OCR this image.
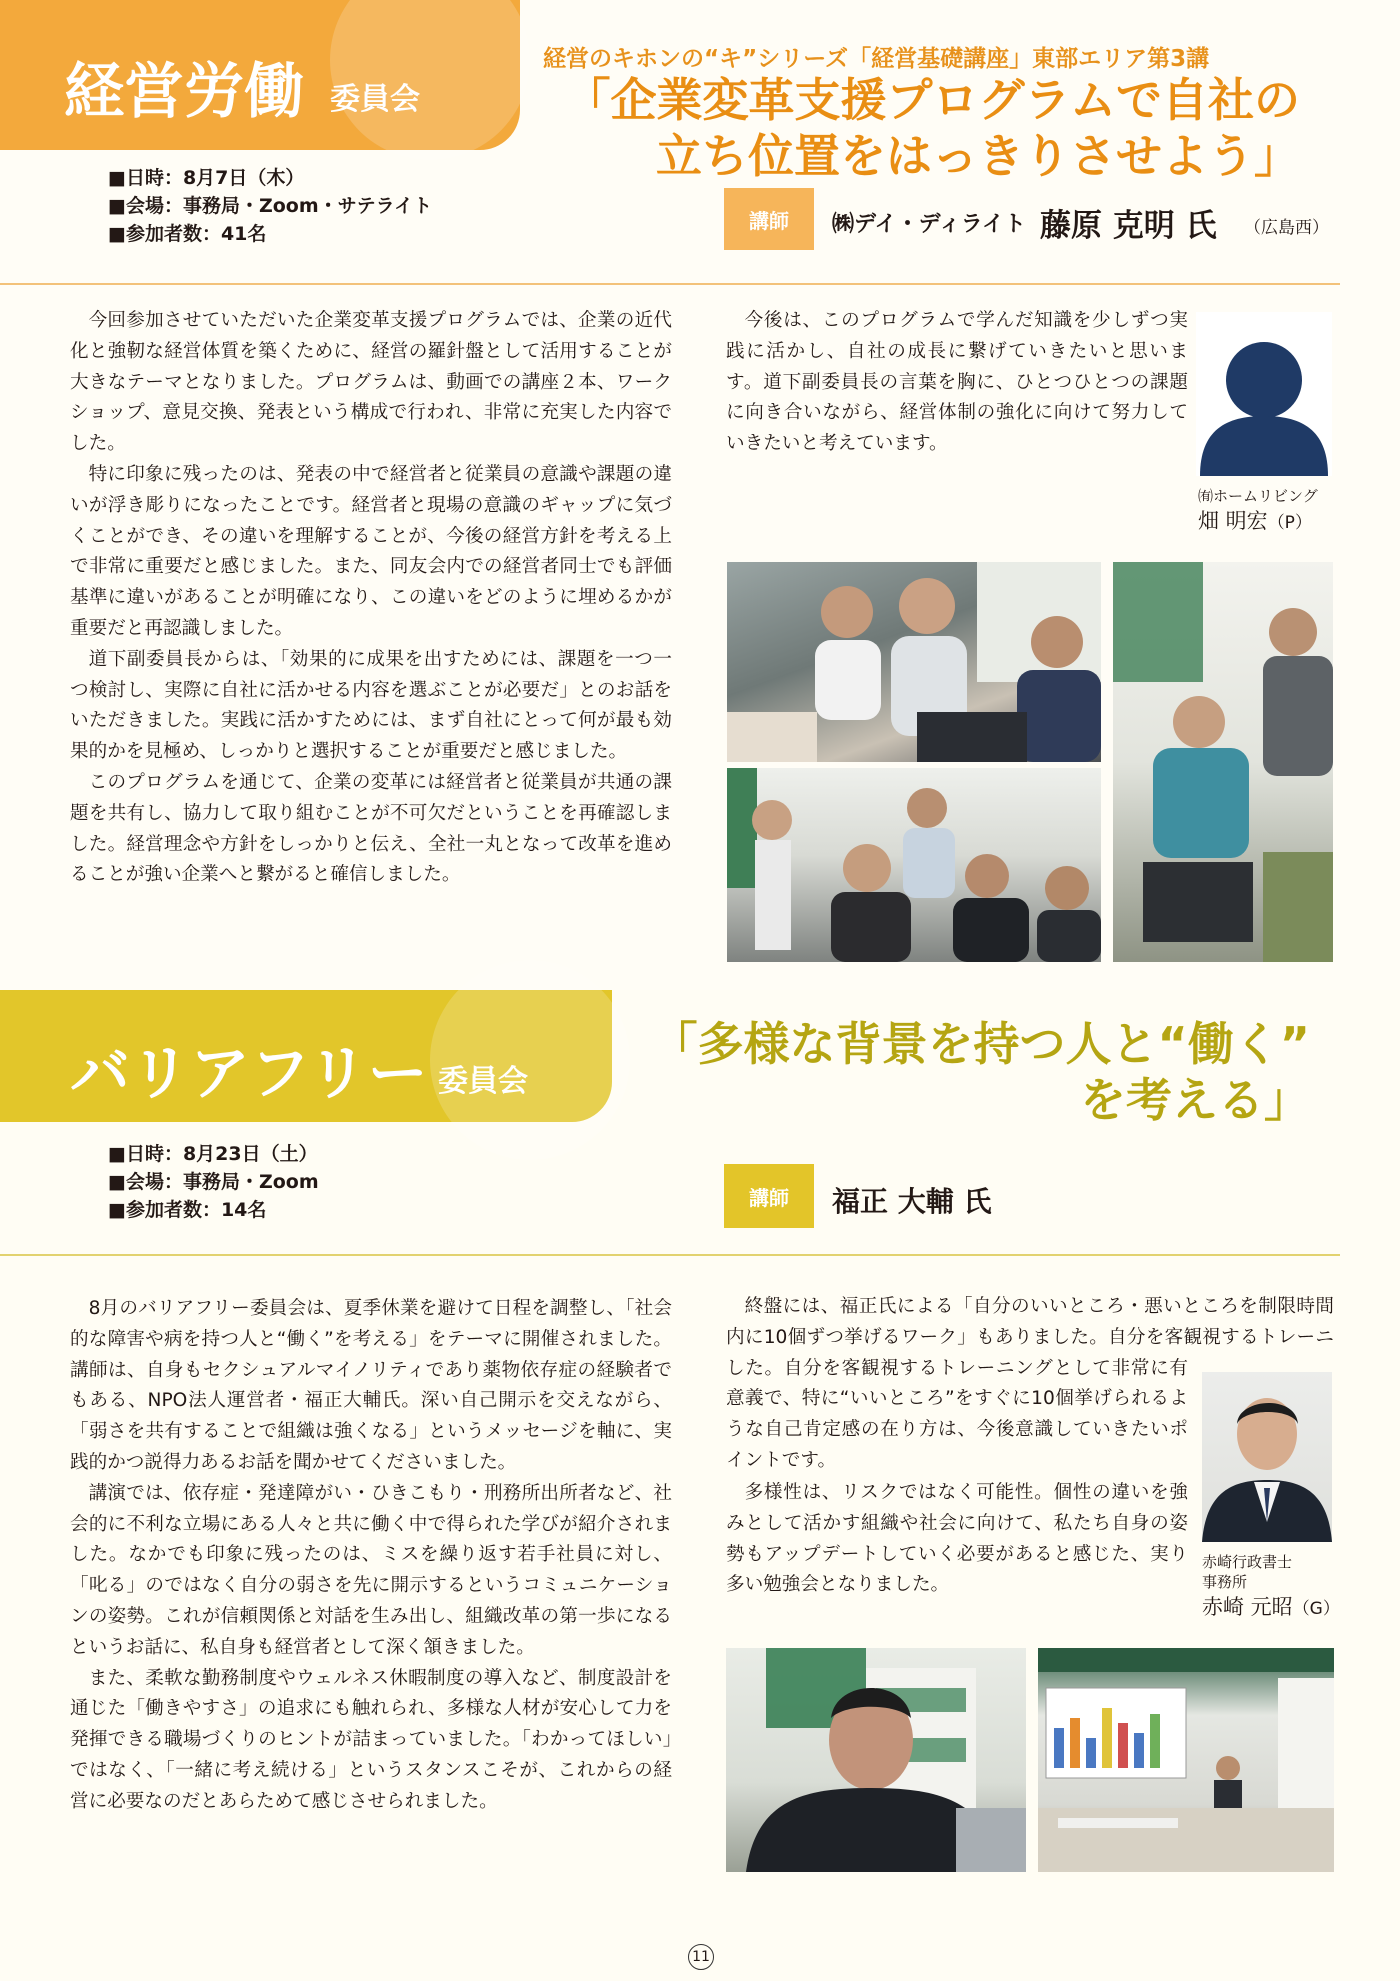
経営労働 委員会
経営のキホンの“キ”シリーズ「経営基礎講座」東部エリア第3講
「企業変革支援プログラムで自社の
立ち位置をはっきりさせよう」
■日時：8月7日（木）
■会場：事務局・Zoom・サテライト
■参加者数：41名
講師	㈱デイ・ディライト 藤原 克明 氏 （広島西）

今回参加させていただいた企業変革支援プログラムでは、企業の近代化と強靭な経営体質を築くために、経営の羅針盤として活用することが大きなテーマとなりました。プログラムは、動画での講座２本、ワークショップ、意見交換、発表という構成で行われ、非常に充実した内容でした。

特に印象に残ったのは、発表の中で経営者と従業員の意識や課題の違いが浮き彫りになったことです。経営者と現場の意識のギャップに気づくことができ、その違いを理解することが、今後の経営方針を考える上で非常に重要だと感じました。また、同友会内での経営者同士でも評価基準に違いがあることが明確になり、この違いをどのように埋めるかが重要だと再認識しました。

道下副委員長からは、「効果的に成果を出すためには、課題を一つ一つ検討し、実際に自社に活かせる内容を選ぶことが必要だ」とのお話をいただきました。実践に活かすためには、まず自社にとって何が最も効果的かを見極め、しっかりと選択することが重要だと感じました。

このプログラムを通じて、企業の変革には経営者と従業員が共通の課題を共有し、協力して取り組むことが不可欠だということを再確認しました。経営理念や方針をしっかりと伝え、全社一丸となって改革を進めることが強い企業へと繋がると確信しました。

今後は、このプログラムで学んだ知識を少しずつ実践に活かし、自社の成長に繋げていきたいと思います。道下副委員長の言葉を胸に、ひとつひとつの課題に向き合いながら、経営体制の強化に向けて努力していきたいと考えています。

㈲ホームリビング
畑 明宏（P）
バリアフリー 委員会
「多様な背景を持つ人と“働く”
を考える」
■日時：8月23日（土）
■会場：事務局・Zoom
■参加者数：14名
講師	福正 大輔 氏

8月のバリアフリー委員会は、夏季休業を避けて日程を調整し、「社会的な障害や病を持つ人と“働く”を考える」をテーマに開催されました。講師は、自身もセクシュアルマイノリティであり薬物依存症の経験者でもある、NPO法人運営者・福正大輔氏。深い自己開示を交えながら、「弱さを共有することで組織は強くなる」というメッセージを軸に、実践的かつ説得力あるお話を聞かせてくださいました。

講演では、依存症・発達障がい・ひきこもり・刑務所出所者など、社会的に不利な立場にある人々と共に働く中で得られた学びが紹介されました。なかでも印象に残ったのは、ミスを繰り返す若手社員に対し、「叱る」のではなく自分の弱さを先に開示するというコミュニケーションの姿勢。これが信頼関係と対話を生み出し、組織改革の第一歩になるというお話に、私自身も経営者として深く頷きました。

また、柔軟な勤務制度やウェルネス休暇制度の導入など、制度設計を通じた「働きやすさ」の追求にも触れられ、多様な人材が安心して力を発揮できる職場づくりのヒントが詰まっていました。「わかってほしい」ではなく、「一緒に考え続ける」というスタンスこそが、これからの経営に必要なのだとあらためて感じさせられました。

終盤には、福正氏による「自分のいいところ・悪いところを制限時間内に10個ずつ挙げるワーク」もありました。自分を客観視するトレーニ

した。自分を客観視するトレーニングとして非常に有意義で、特に“いいところ”をすぐに10個挙げられるような自己肯定感の在り方は、今後意識していきたいポイントです。

多様性は、リスクではなく可能性。個性の違いを強みとして活かす組織や社会に向けて、私たち自身の姿勢もアップデートしていく必要があると感じた、実り多い勉強会となりました。

赤崎行政書士
事務所
赤崎 元昭（G）
11
